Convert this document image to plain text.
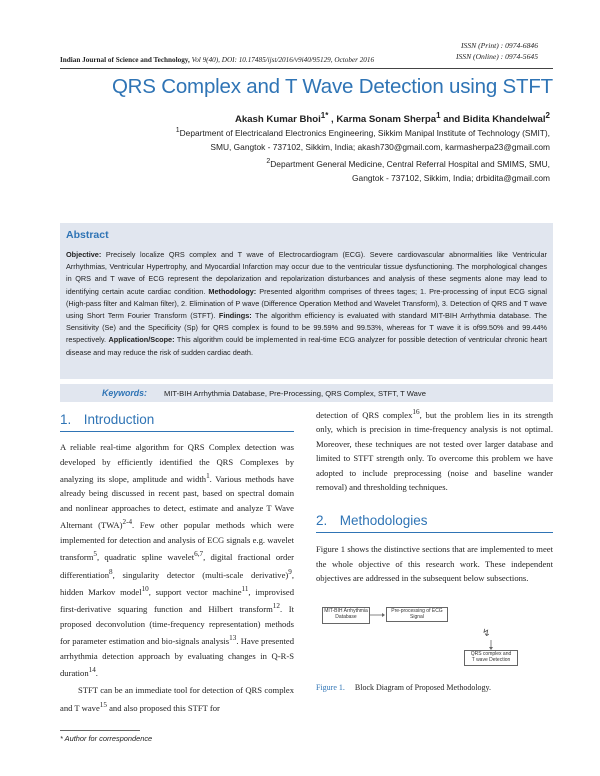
ISSN (Print) : 0974-6846
ISSN (Online) : 0974-5645
Indian Journal of Science and Technology, Vol 9(40), DOI: 10.17485/ijst/2016/v9i40/95129, October 2016
QRS Complex and T Wave Detection using STFT
Akash Kumar Bhoi$^{1*}$ , Karma Sonam Sherpa$^1$ and Bidita Khandelwal$^2$
$^1$Department of Electricaland Electronics Engineering, Sikkim Manipal Institute of Technology (SMIT),
SMU, Gangtok - 737102, Sikkim, India; akash730@gmail.com, karmasherpa23@gmail.com
$^2$Department General Medicine, Central Referral Hospital and SMIMS, SMU,
Gangtok - 737102, Sikkim, India; drbidita@gmail.com
Abstract
Objective: Precisely localize QRS complex and T wave of Electrocardiogram (ECG). Severe cardiovascular abnormalities like Ventricular Arrhythmias, Ventricular Hypertrophy, and Myocardial Infarction may occur due to the ventricular tissue dysfunctioning. The morphological changes in QRS and T wave of ECG represent the depolarization and repolarization disturbances and analysis of these segments alone may lead to identifying certain acute cardiac condition. Methodology: Presented algorithm comprises of threes tages; 1. Pre-processing of input ECG signal (High-pass filter and Kalman filter), 2. Elimination of P wave (Difference Operation Method and Wavelet Transform), 3. Detection of QRS and T wave using Short Term Fourier Transform (STFT). Findings: The algorithm efficiency is evaluated with standard MIT-BIH Arrhythmia database. The Sensitivity (Se) and the Specificity (Sp) for QRS complex is found to be 99.59% and 99.53%, whereas for T wave it is of99.50% and 99.44% respectively. Application/Scope: This algorithm could be implemented in real-time ECG analyzer for possible detection of ventricular chronic heart disease and may reduce the risk of sudden cardiac death.
Keywords: MIT-BIH Arrhythmia Database, Pre-Processing, QRS Complex, STFT, T Wave
1. Introduction

A reliable real-time algorithm for QRS Complex detection was developed by efficiently identified the QRS Complexes by analyzing its slope, amplitude and width$^1$. Various methods have already being discussed in recent past, based on spectral domain and nonlinear approaches to detect, estimate and analyze T Wave Alternant (TWA)$^{2-4}$. Few other popular methods which were implemented for detection and analysis of ECG signals e.g. wavelet transform$^5$, quadratic spline wavelet$^{6,7}$, digital fractional order differentiation$^8$, singularity detector (multi-scale derivative)$^9$, hidden Markov model$^{10}$, support vector machine$^{11}$, improvised first-derivative squaring function and Hilbert transform$^{12}$. It proposed deconvolution (time-frequency representation) methods for parameter estimation and bio-signals analysis$^{13}$. Have presented arrhythmia detection approach by evaluating changes in Q-R-S duration$^{14}$.

STFT can be an immediate tool for detection of QRS complex and T wave$^{15}$ and also proposed this STFT for

detection of QRS complex$^{16}$, but the problem lies in its strength only, which is precision in time-frequency analysis is not optimal. Moreover, these techniques are not tested over larger database and limited to STFT strength only. To overcome this problem we have adopted to include preprocessing (noise and baseline wander removal) and thresholding techniques.

2. Methodologies

Figure 1 shows the distinctive sections that are implemented to meet the whole objective of this research work. These independent objectives are addressed in the subsequent below subsections.

MIT-BIH Arrhythmia
Database
Pre-processing of ECG
Signal
↯
QRS complex and
T wave Detection
Figure 1. Block Diagram of Proposed Methodology.
* Author for correspondence
